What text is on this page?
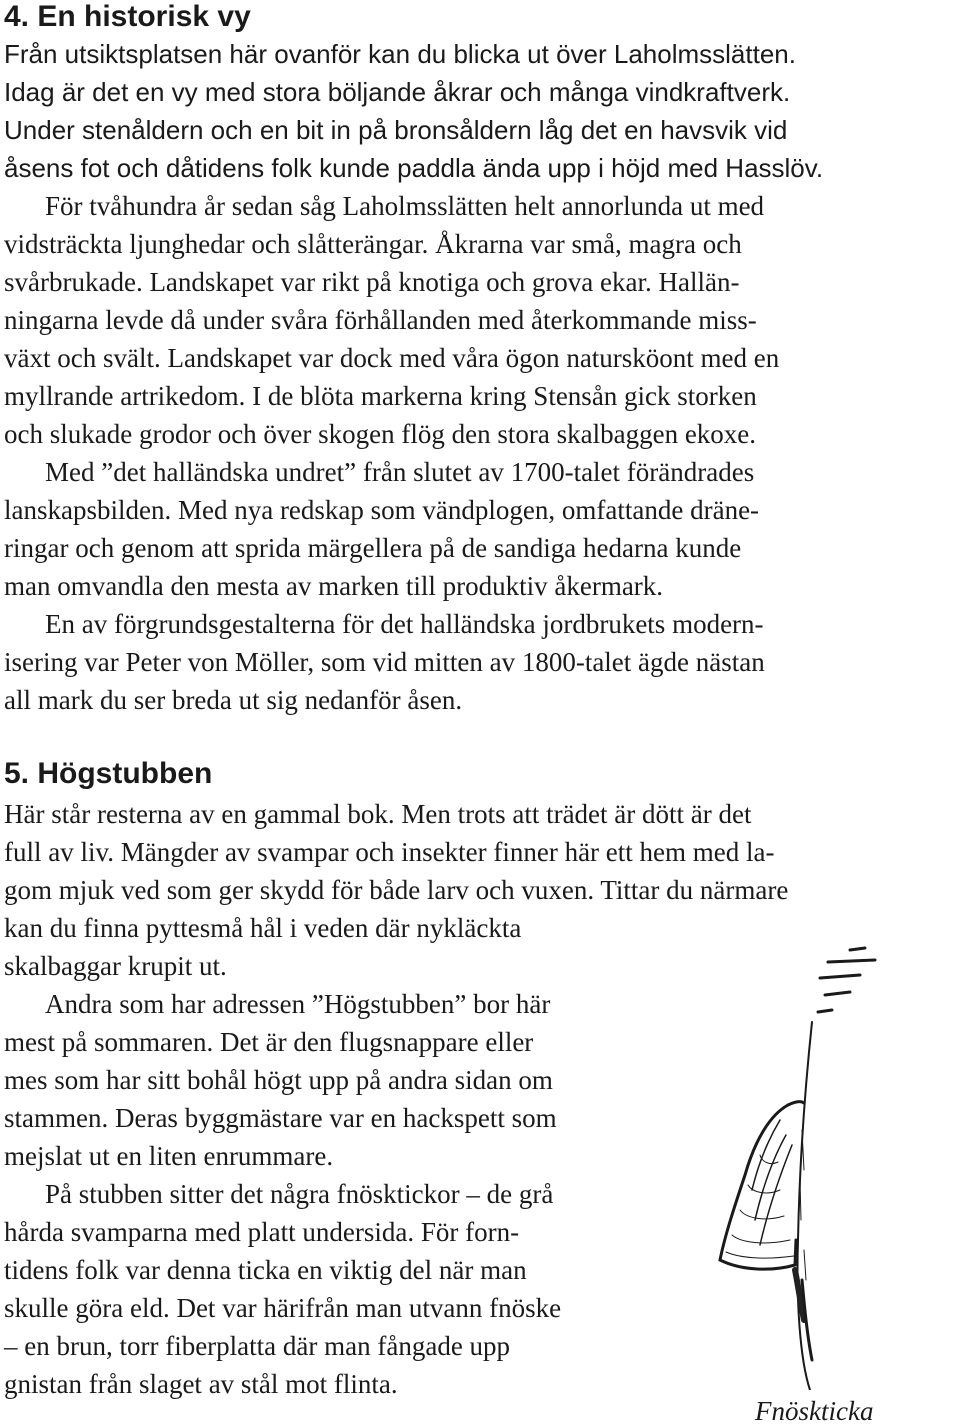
4. En historisk vy

Från utsiktsplatsen här ovanför kan du blicka ut över Laholmsslätten.

Idag är det en vy med stora böljande åkrar och många vindkraftverk.

Under stenåldern och en bit in på bronsåldern låg det en havsvik vid

åsens fot och dåtidens folk kunde paddla ända upp i höjd med Hasslöv.

För tvåhundra år sedan såg Laholmsslätten helt annorlunda ut med

vidsträckta ljunghedar och slåtterängar. Åkrarna var små, magra och

svårbrukade. Landskapet var rikt på knotiga och grova ekar. Hallän-

ningarna levde då under svåra förhållanden med återkommande miss-

växt och svält. Landskapet var dock med våra ögon natursköont med en

myllrande artrikedom. I de blöta markerna kring Stensån gick storken

och slukade grodor och över skogen flög den stora skalbaggen ekoxe.

Med ”det halländska undret” från slutet av 1700-talet förändrades

lanskapsbilden. Med nya redskap som vändplogen, omfattande dräne-

ringar och genom att sprida märgellera på de sandiga hedarna kunde

man omvandla den mesta av marken till produktiv åkermark.

En av förgrundsgestalterna för det halländska jordbrukets modern-

isering var Peter von Möller, som vid mitten av 1800-talet ägde nästan

all mark du ser breda ut sig nedanför åsen.

5. Högstubben

Här står resterna av en gammal bok. Men trots att trädet är dött är det

full av liv. Mängder av svampar och insekter finner här ett hem med la-

gom mjuk ved som ger skydd för både larv och vuxen. Tittar du närmare

kan du finna pyttesmå hål i veden där nykläckta

skalbaggar krupit ut.

Andra som har adressen ”Högstubben” bor här

mest på sommaren. Det är den flugsnappare eller

mes som har sitt bohål högt upp på andra sidan om

stammen. Deras byggmästare var en hackspett som

mejslat ut en liten enrummare.

På stubben sitter det några fnösktickor – de grå

hårda svamparna med platt undersida. För forn-

tidens folk var denna ticka en viktig del när man

skulle göra eld. Det var härifrån man utvann fnöske

– en brun, torr fiberplatta där man fångade upp

gnistan från slaget av stål mot flinta.

Fnöskticka
